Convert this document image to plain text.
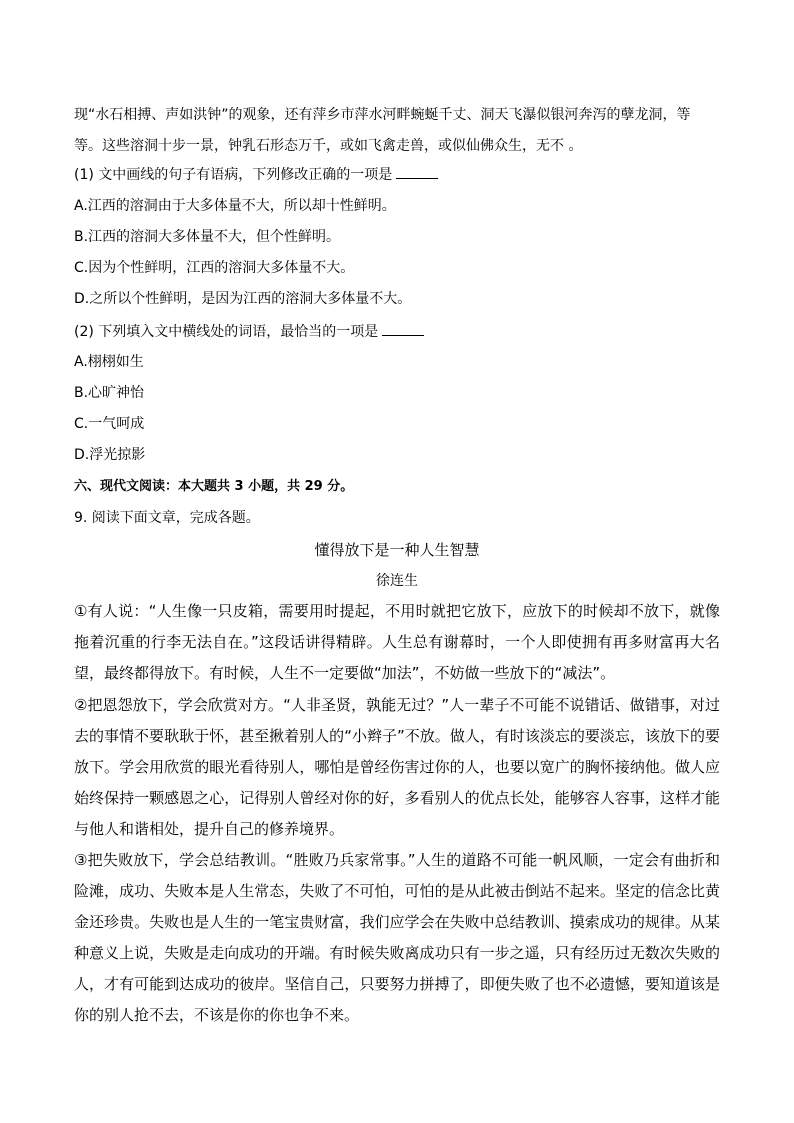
现“水石相搏、声如洪钟”的观象，还有萍乡市萍水河畔蜿蜒千丈、洞天飞瀑似银河奔泻的孽龙洞，等
等。这些溶洞十步一景，钟乳石形态万千，或如飞禽走兽，或似仙佛众生，无不 。

(1) 文中画线的句子有语病，下列修改正确的一项是

A.江西的溶洞由于大多体量不大，所以却十性鲜明。

B.江西的溶洞大多体量不大，但个性鲜明。

C.因为个性鲜明，江西的溶洞大多体量不大。

D.之所以个性鲜明，是因为江西的溶洞大多体量不大。

(2) 下列填入文中横线处的词语，最恰当的一项是

A.栩栩如生

B.心旷神怡

C.一气呵成

D.浮光掠影

六、现代文阅读：本大题共 3 小题，共 29 分。

9. 阅读下面文章，完成各题。

懂得放下是一种人生智慧

徐连生

①有人说：“人生像一只皮箱，需要用时提起，不用时就把它放下，应放下的时候却不放下，就像拖着沉重的行李无法自在。”这段话讲得精辟。人生总有谢幕时，一个人即使拥有再多财富再大名望，最终都得放下。有时候，人生不一定要做“加法”，不妨做一些放下的“减法”。

②把恩怨放下，学会欣赏对方。“人非圣贤，孰能无过？”人一辈子不可能不说错话、做错事，对过去的事情不要耿耿于怀，甚至揪着别人的“小辫子”不放。做人，有时该淡忘的要淡忘，该放下的要放下。学会用欣赏的眼光看待别人，哪怕是曾经伤害过你的人，也要以宽广的胸怀接纳他。做人应始终保持一颗感恩之心，记得别人曾经对你的好，多看别人的优点长处，能够容人容事，这样才能与他人和谐相处，提升自己的修养境界。

③把失败放下，学会总结教训。“胜败乃兵家常事。”人生的道路不可能一帆风顺，一定会有曲折和险滩，成功、失败本是人生常态，失败了不可怕，可怕的是从此被击倒站不起来。坚定的信念比黄金还珍贵。失败也是人生的一笔宝贵财富，我们应学会在失败中总结教训、摸索成功的规律。从某种意义上说，失败是走向成功的开端。有时候失败离成功只有一步之遥，只有经历过无数次失败的人，才有可能到达成功的彼岸。坚信自己，只要努力拼搏了，即便失败了也不必遗憾，要知道该是你的别人抢不去，不该是你的你也争不来。
